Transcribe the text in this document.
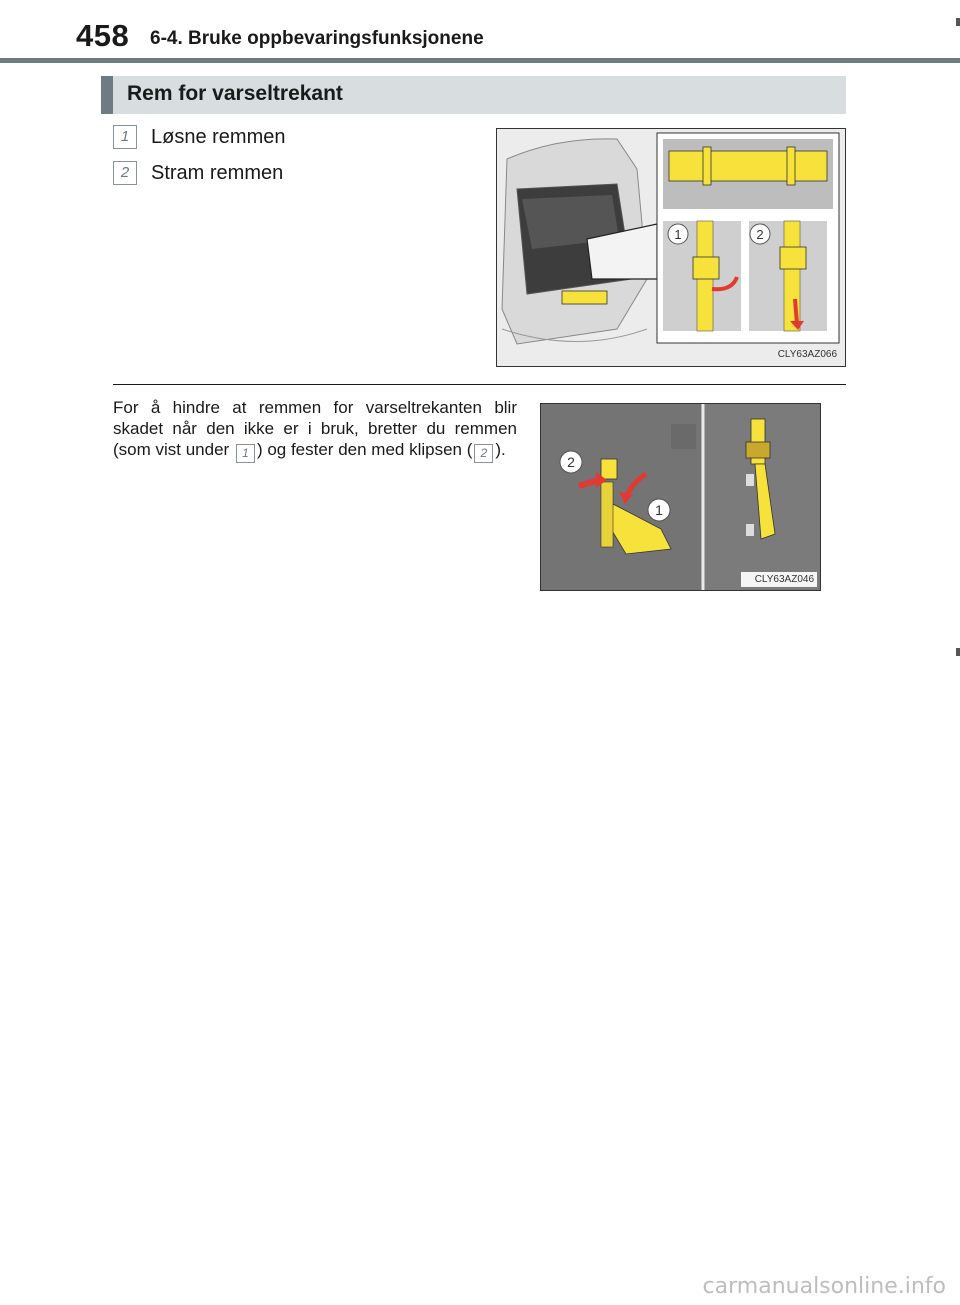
458 6-4. Bruke oppbevaringsfunksjonene
Rem for varseltrekant
1 Løsne remmen
2 Stram remmen
1	2
CLY63AZ066
For å hindre at remmen for varseltrekanten blir skadet når den ikke er i bruk, bretter du remmen (som vist under 1 ) og fester den med klipsen ( 2 ).
2
1
CLY63AZ046
carmanualsonline.info
